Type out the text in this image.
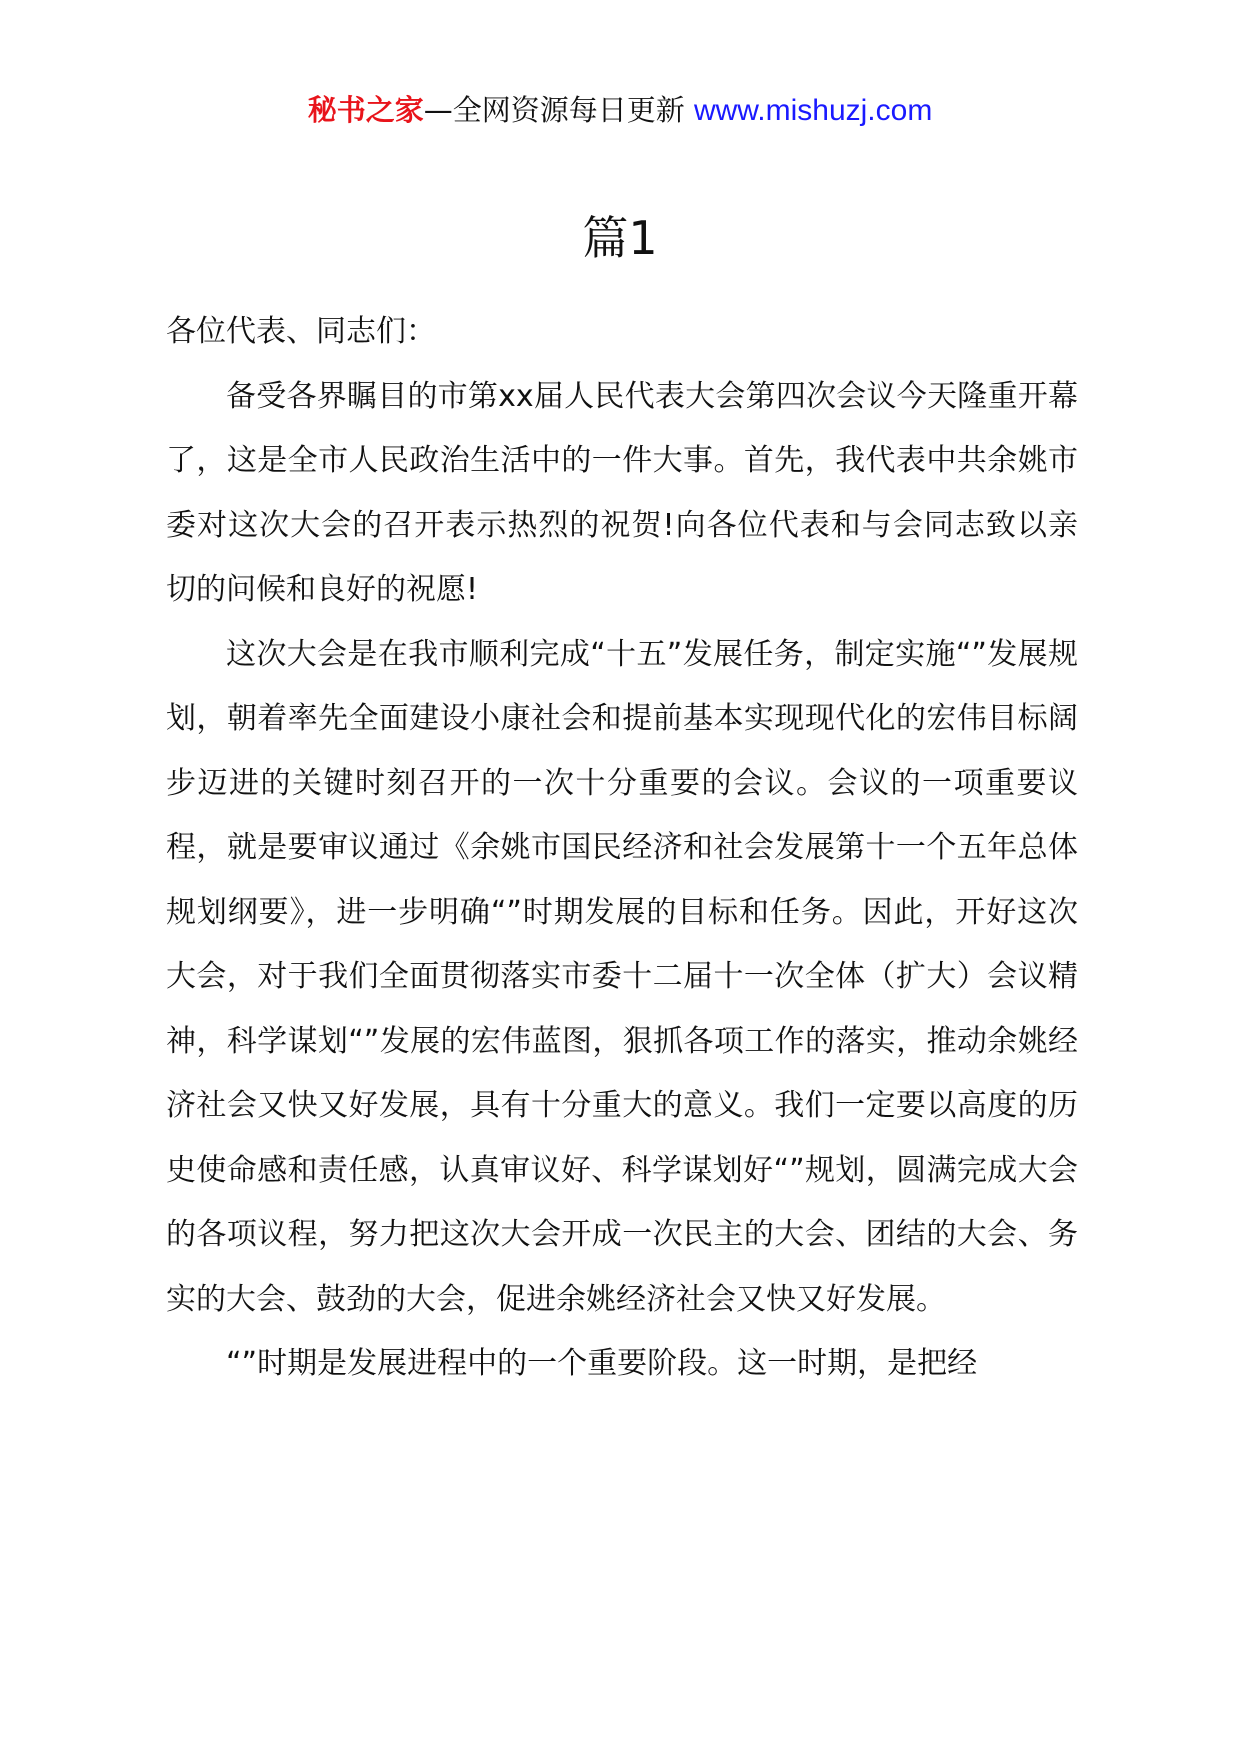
秘书之家—全网资源每日更新 www.mishuzj.com
篇1

各位代表、同志们：

备受各界瞩目的市第xx届人民代表大会第四次会议今天隆重开幕了，这是全市人民政治生活中的一件大事。首先，我代表中共余姚市委对这次大会的召开表示热烈的祝贺!向各位代表和与会同志致以亲切的问候和良好的祝愿!

这次大会是在我市顺利完成“十五”发展任务，制定实施“”发展规划，朝着率先全面建设小康社会和提前基本实现现代化的宏伟目标阔步迈进的关键时刻召开的一次十分重要的会议。会议的一项重要议程，就是要审议通过《余姚市国民经济和社会发展第十一个五年总体规划纲要》，进一步明确“”时期发展的目标和任务。因此，开好这次大会，对于我们全面贯彻落实市委十二届十一次全体（扩大）会议精神，科学谋划“”发展的宏伟蓝图，狠抓各项工作的落实，推动余姚经济社会又快又好发展，具有十分重大的意义。我们一定要以高度的历史使命感和责任感，认真审议好、科学谋划好“”规划，圆满完成大会的各项议程，努力把这次大会开成一次民主的大会、团结的大会、务实的大会、鼓劲的大会，促进余姚经济社会又快又好发展。

“”时期是发展进程中的一个重要阶段。这一时期，是把经
